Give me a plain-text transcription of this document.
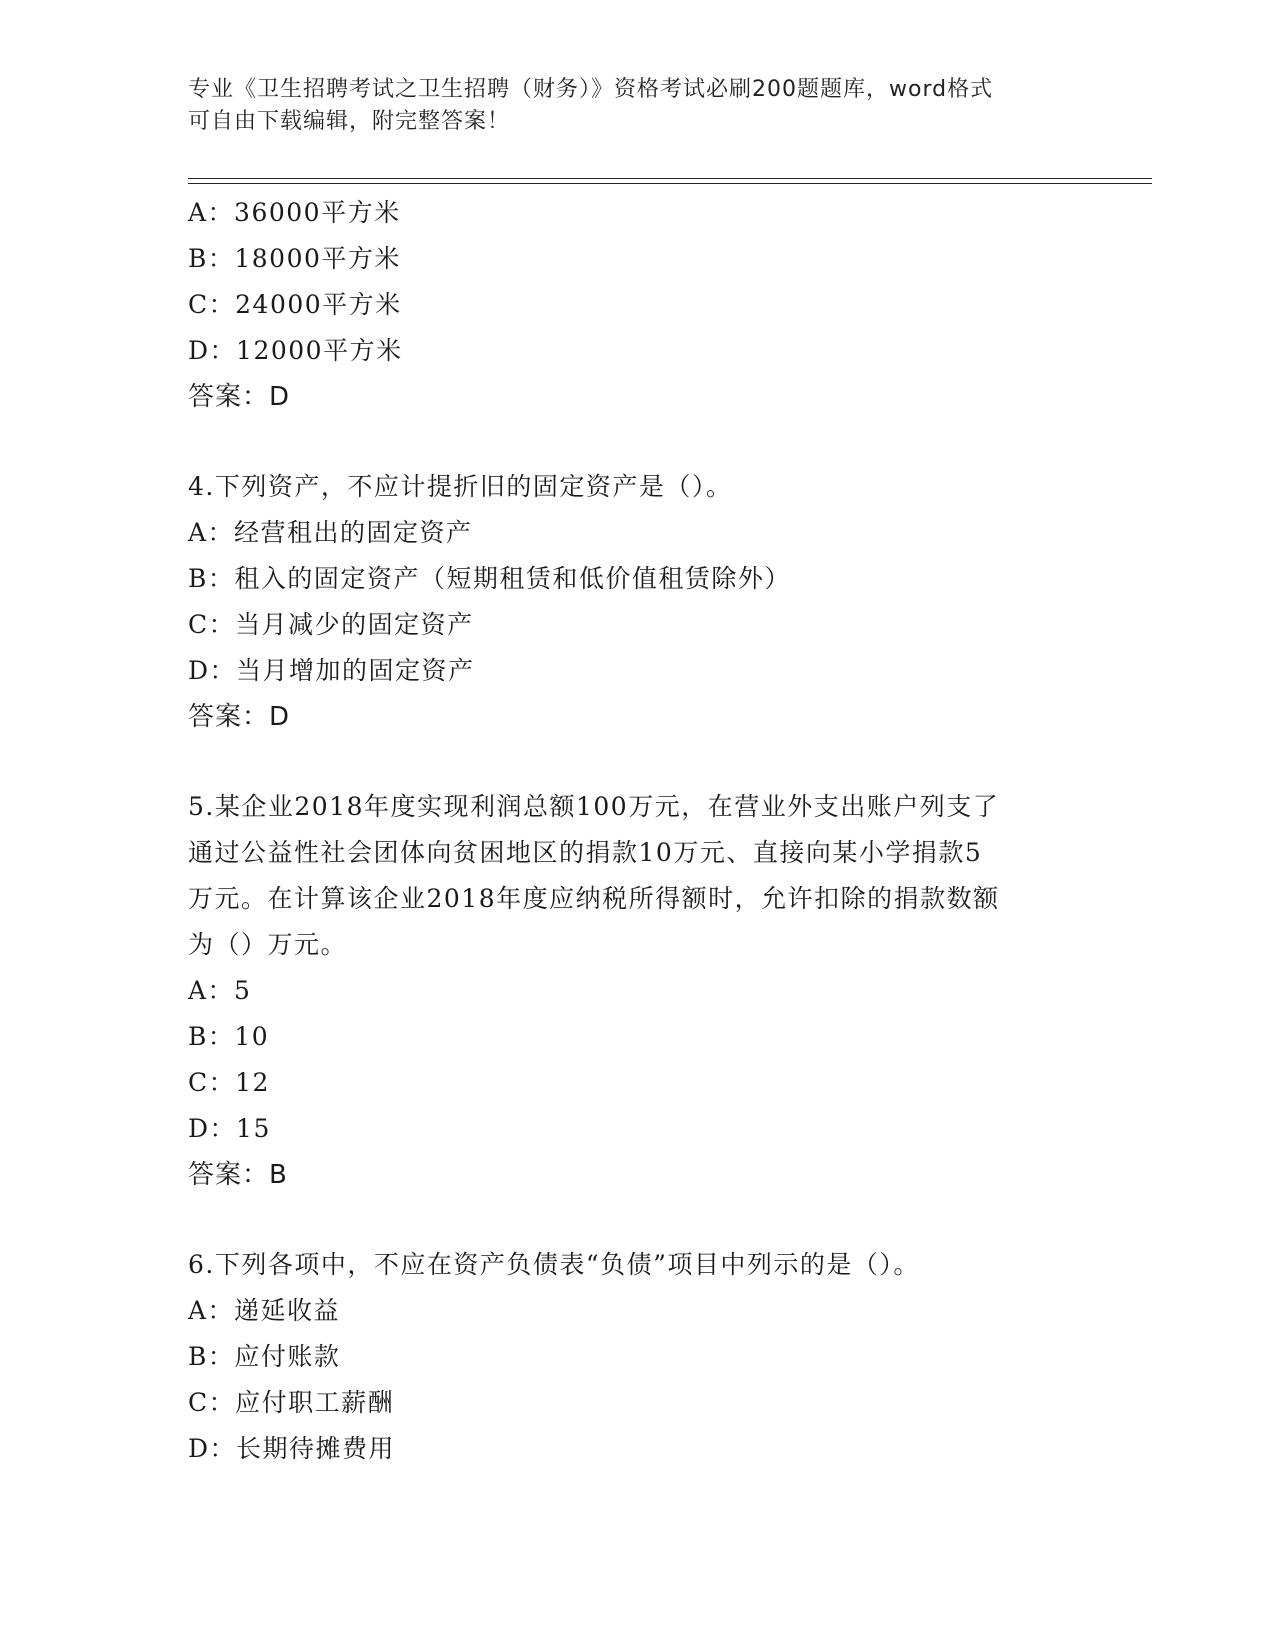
专业《卫生招聘考试之卫生招聘（财务）》资格考试必刷200题题库，word格式
可自由下载编辑，附完整答案！
A：36000平方米
B：18000平方米
C：24000平方米
D：12000平方米
答案：D
4.下列资产，不应计提折旧的固定资产是（）。
A：经营租出的固定资产
B：租入的固定资产（短期租赁和低价值租赁除外）
C：当月减少的固定资产
D：当月增加的固定资产
答案：D
5.某企业2018年度实现利润总额100万元，在营业外支出账户列支了
通过公益性社会团体向贫困地区的捐款10万元、直接向某小学捐款5
万元。在计算该企业2018年度应纳税所得额时，允许扣除的捐款数额
为（）万元。
A：5
B：10
C：12
D：15
答案：B
6.下列各项中，不应在资产负债表“负债”项目中列示的是（）。
A：递延收益
B：应付账款
C：应付职工薪酬
D：长期待摊费用
